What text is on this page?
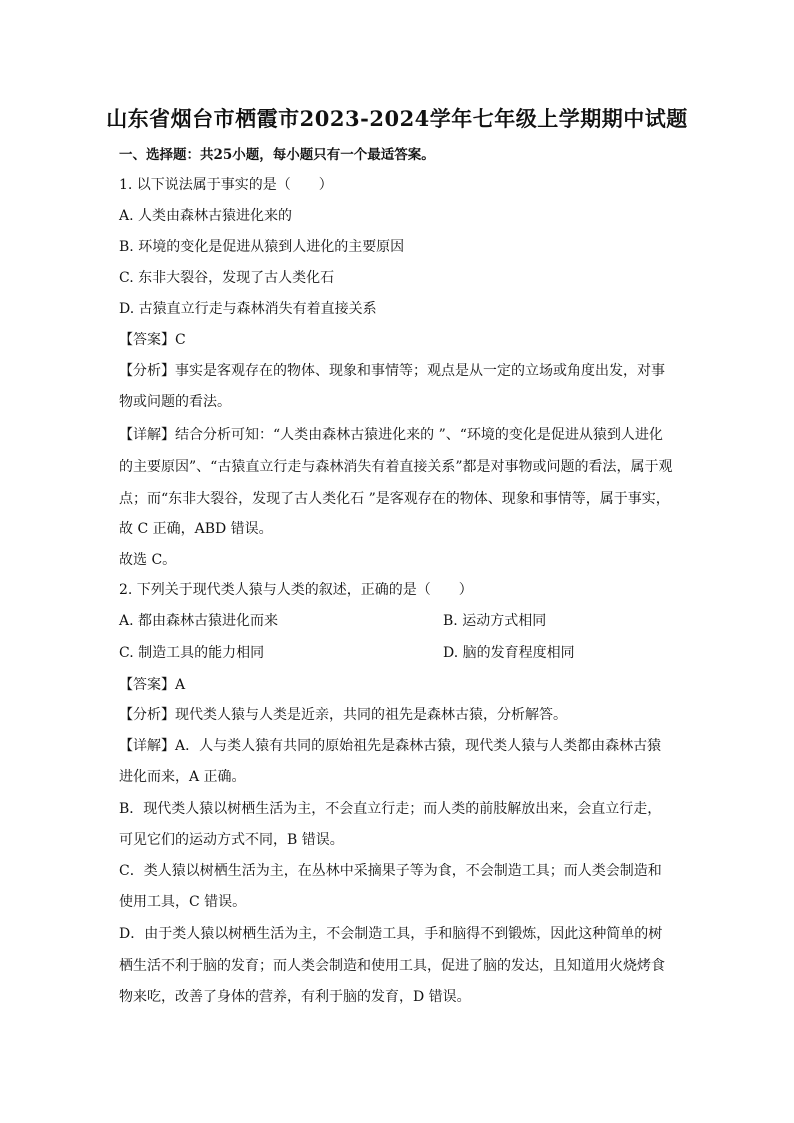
山东省烟台市栖霞市2023-2024学年七年级上学期期中试题
一、选择题：共25小题，每小题只有一个最适答案。
1. 以下说法属于事实的是（　　）
A. 人类由森林古猿进化来的
B. 环境的变化是促进从猿到人进化的主要原因
C. 东非大裂谷，发现了古人类化石
D. 古猿直立行走与森林消失有着直接关系
【答案】C
【分析】事实是客观存在的物体、现象和事情等；观点是从一定的立场或角度出发，对事
物或问题的看法。
【详解】结合分析可知：“人类由森林古猿进化来的 ”、“环境的变化是促进从猿到人进化
的主要原因”、“古猿直立行走与森林消失有着直接关系”都是对事物或问题的看法，属于观
点；而“东非大裂谷，发现了古人类化石 ”是客观存在的物体、现象和事情等，属于事实，
故 C 正确，ABD 错误。
故选 C。
2. 下列关于现代类人猿与人类的叙述，正确的是（　　）
A. 都由森林古猿进化而来	B. 运动方式相同
C. 制造工具的能力相同	D. 脑的发育程度相同
【答案】A
【分析】现代类人猿与人类是近亲，共同的祖先是森林古猿，分析解答。
【详解】A．人与类人猿有共同的原始祖先是森林古猿，现代类人猿与人类都由森林古猿
进化而来，A 正确。
B．现代类人猿以树栖生活为主，不会直立行走；而人类的前肢解放出来，会直立行走，
可见它们的运动方式不同，B 错误。
C．类人猿以树栖生活为主，在丛林中采摘果子等为食，不会制造工具；而人类会制造和
使用工具，C 错误。
D．由于类人猿以树栖生活为主，不会制造工具，手和脑得不到锻炼，因此这种简单的树
栖生活不利于脑的发育；而人类会制造和使用工具，促进了脑的发达，且知道用火烧烤食
物来吃，改善了身体的营养，有利于脑的发育，D 错误。
